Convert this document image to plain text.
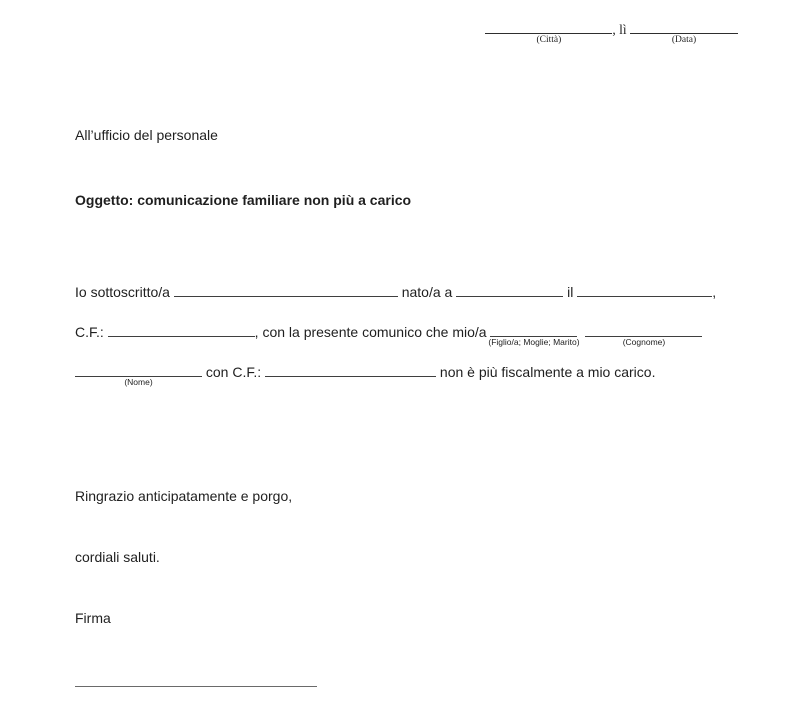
(Città)
, lì
(Data)
All’ufficio del personale
Oggetto: comunicazione familiare non più a carico
Io sottoscritto/a	nato/a a	il	,
C.F.:	, con la presente comunico che mio/a
(Figlio/a; Moglie; Marito)	(Cognome)
(Nome)
con C.F.:	non è più fiscalmente a mio carico.
Ringrazio anticipatamente e porgo,
cordiali saluti.
Firma
